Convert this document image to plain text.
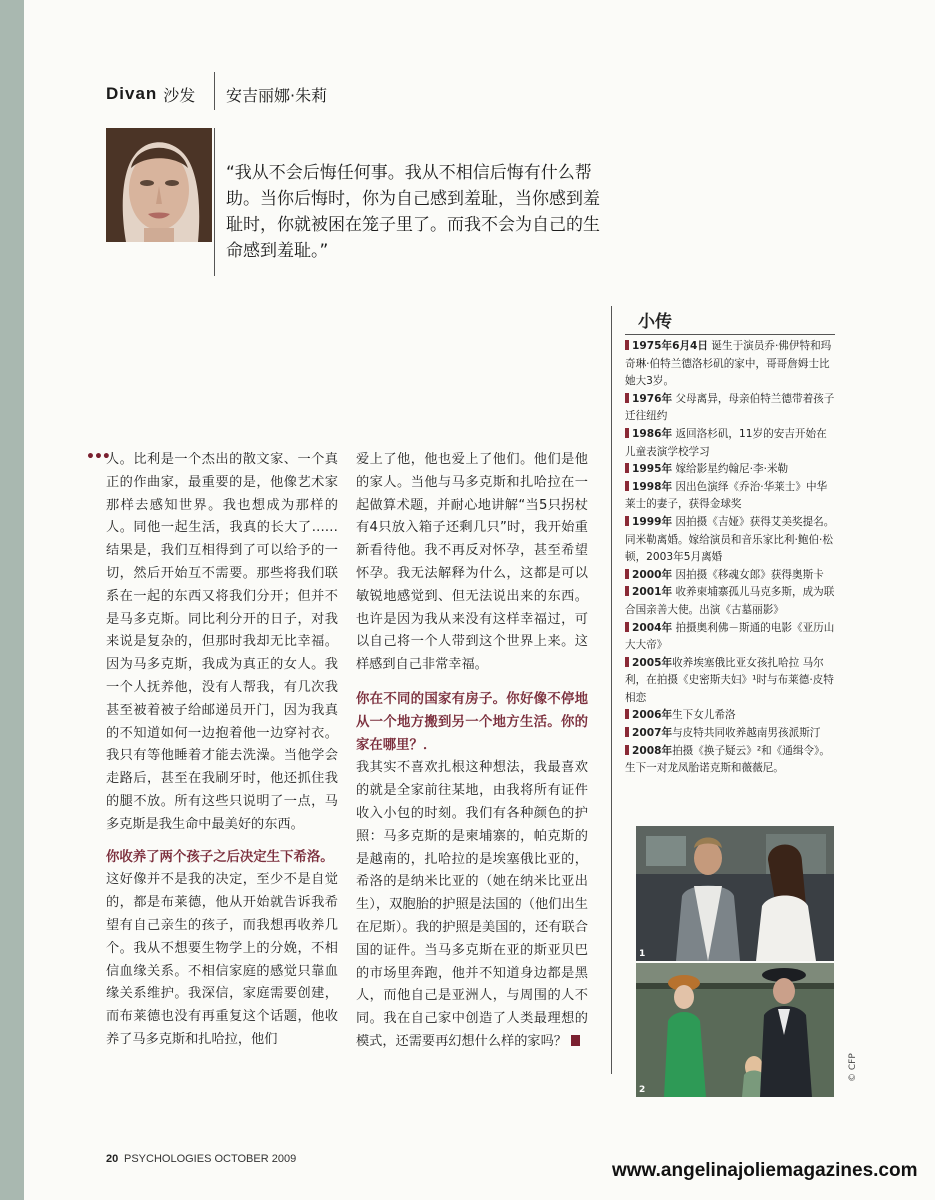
Divan 沙发 安吉丽娜·朱莉
“我从不会后悔任何事。我从不相信后悔有什么帮助。当你后悔时，你为自己感到羞耻，当你感到羞耻时，你就被困在笼子里了。而我不会为自己的生命感到羞耻。”
•••

人。比利是一个杰出的散文家、一个真正的作曲家，最重要的是，他像艺术家那样去感知世界。我也想成为那样的人。同他一起生活，我真的长大了……结果是，我们互相得到了可以给予的一切，然后开始互不需要。那些将我们联系在一起的东西又将我们分开；但并不是马多克斯。同比利分开的日子，对我来说是复杂的，但那时我却无比幸福。因为马多克斯，我成为真正的女人。我一个人抚养他，没有人帮我，有几次我甚至被着被子给邮递员开门，因为我真的不知道如何一边抱着他一边穿衬衣。我只有等他睡着才能去洗澡。当他学会走路后，甚至在我刷牙时，他还抓住我的腿不放。所有这些只说明了一点，马多克斯是我生命中最美好的东西。

你收养了两个孩子之后决定生下希洛。

这好像并不是我的决定，至少不是自觉的，都是布莱德，他从开始就告诉我希望有自己亲生的孩子，而我想再收养几个。我从不想要生物学上的分娩，不相信血缘关系。不相信家庭的感觉只靠血缘关系维护。我深信，家庭需要创建，而布莱德也没有再重复这个话题，他收养了马多克斯和扎哈拉，他们

爱上了他，他也爱上了他们。他们是他的家人。当他与马多克斯和扎哈拉在一起做算术题，并耐心地讲解“当5只拐杖有4只放入箱子还剩几只”时，我开始重新看待他。我不再反对怀孕，甚至希望怀孕。我无法解释为什么，这都是可以敏锐地感觉到、但无法说出来的东西。也许是因为我从来没有这样幸福过，可以自己将一个人带到这个世界上来。这样感到自己非常幸福。

你在不同的国家有房子。你好像不停地从一个地方搬到另一个地方生活。你的家在哪里？．

我其实不喜欢扎根这种想法，我最喜欢的就是全家前往某地，由我将所有证件收入小包的时刻。我们有各种颜色的护照：马多克斯的是柬埔寨的，帕克斯的是越南的，扎哈拉的是埃塞俄比亚的，希洛的是纳米比亚的（她在纳米比亚出生），双胞胎的护照是法国的（他们出生在尼斯）。我的护照是美国的，还有联合国的证件。当马多克斯在亚的斯亚贝巴的市场里奔跑，他并不知道身边都是黑人，而他自己是亚洲人，与周围的人不同。我在自己家中创造了人类最理想的模式，还需要再幻想什么样的家吗？

小传

1975年6月4日 诞生于演员乔·佛伊特和玛奇琳·伯特兰德洛杉矶的家中，哥哥詹姆士比她大3岁。

1976年 父母离异，母亲伯特兰德带着孩子迁往纽约

1986年 返回洛杉矶，11岁的安吉开始在儿童表演学校学习

1995年 嫁给影星约翰尼·李·米勒

1998年 因出色演绎《乔治·华莱士》中华莱士的妻子，获得金球奖

1999年 因拍摄《吉娅》获得艾美奖提名。同米勒离婚。嫁给演员和音乐家比利·鲍伯·松顿，2003年5月离婚

2000年 因拍摄《移魂女郎》获得奥斯卡

2001年 收养柬埔寨孤儿马克多斯，成为联合国亲善大使。出演《古墓丽影》

2004年 拍摄奥利佛－斯通的电影《亚历山大大帝》

2005年收养埃塞俄比亚女孩扎哈拉 马尔利，在拍摄《史密斯夫妇》¹时与布莱德·皮特相恋

2006年生下女儿希洛

2007年与皮特共同收养越南男孩派斯汀

2008年拍摄《换子疑云》²和《通缉令》。生下一对龙凤胎诺克斯和薇薇尼。

1
2
© CFP
20 PSYCHOLOGIES OCTOBER 2009
www.angelinajoliemagazines.com
